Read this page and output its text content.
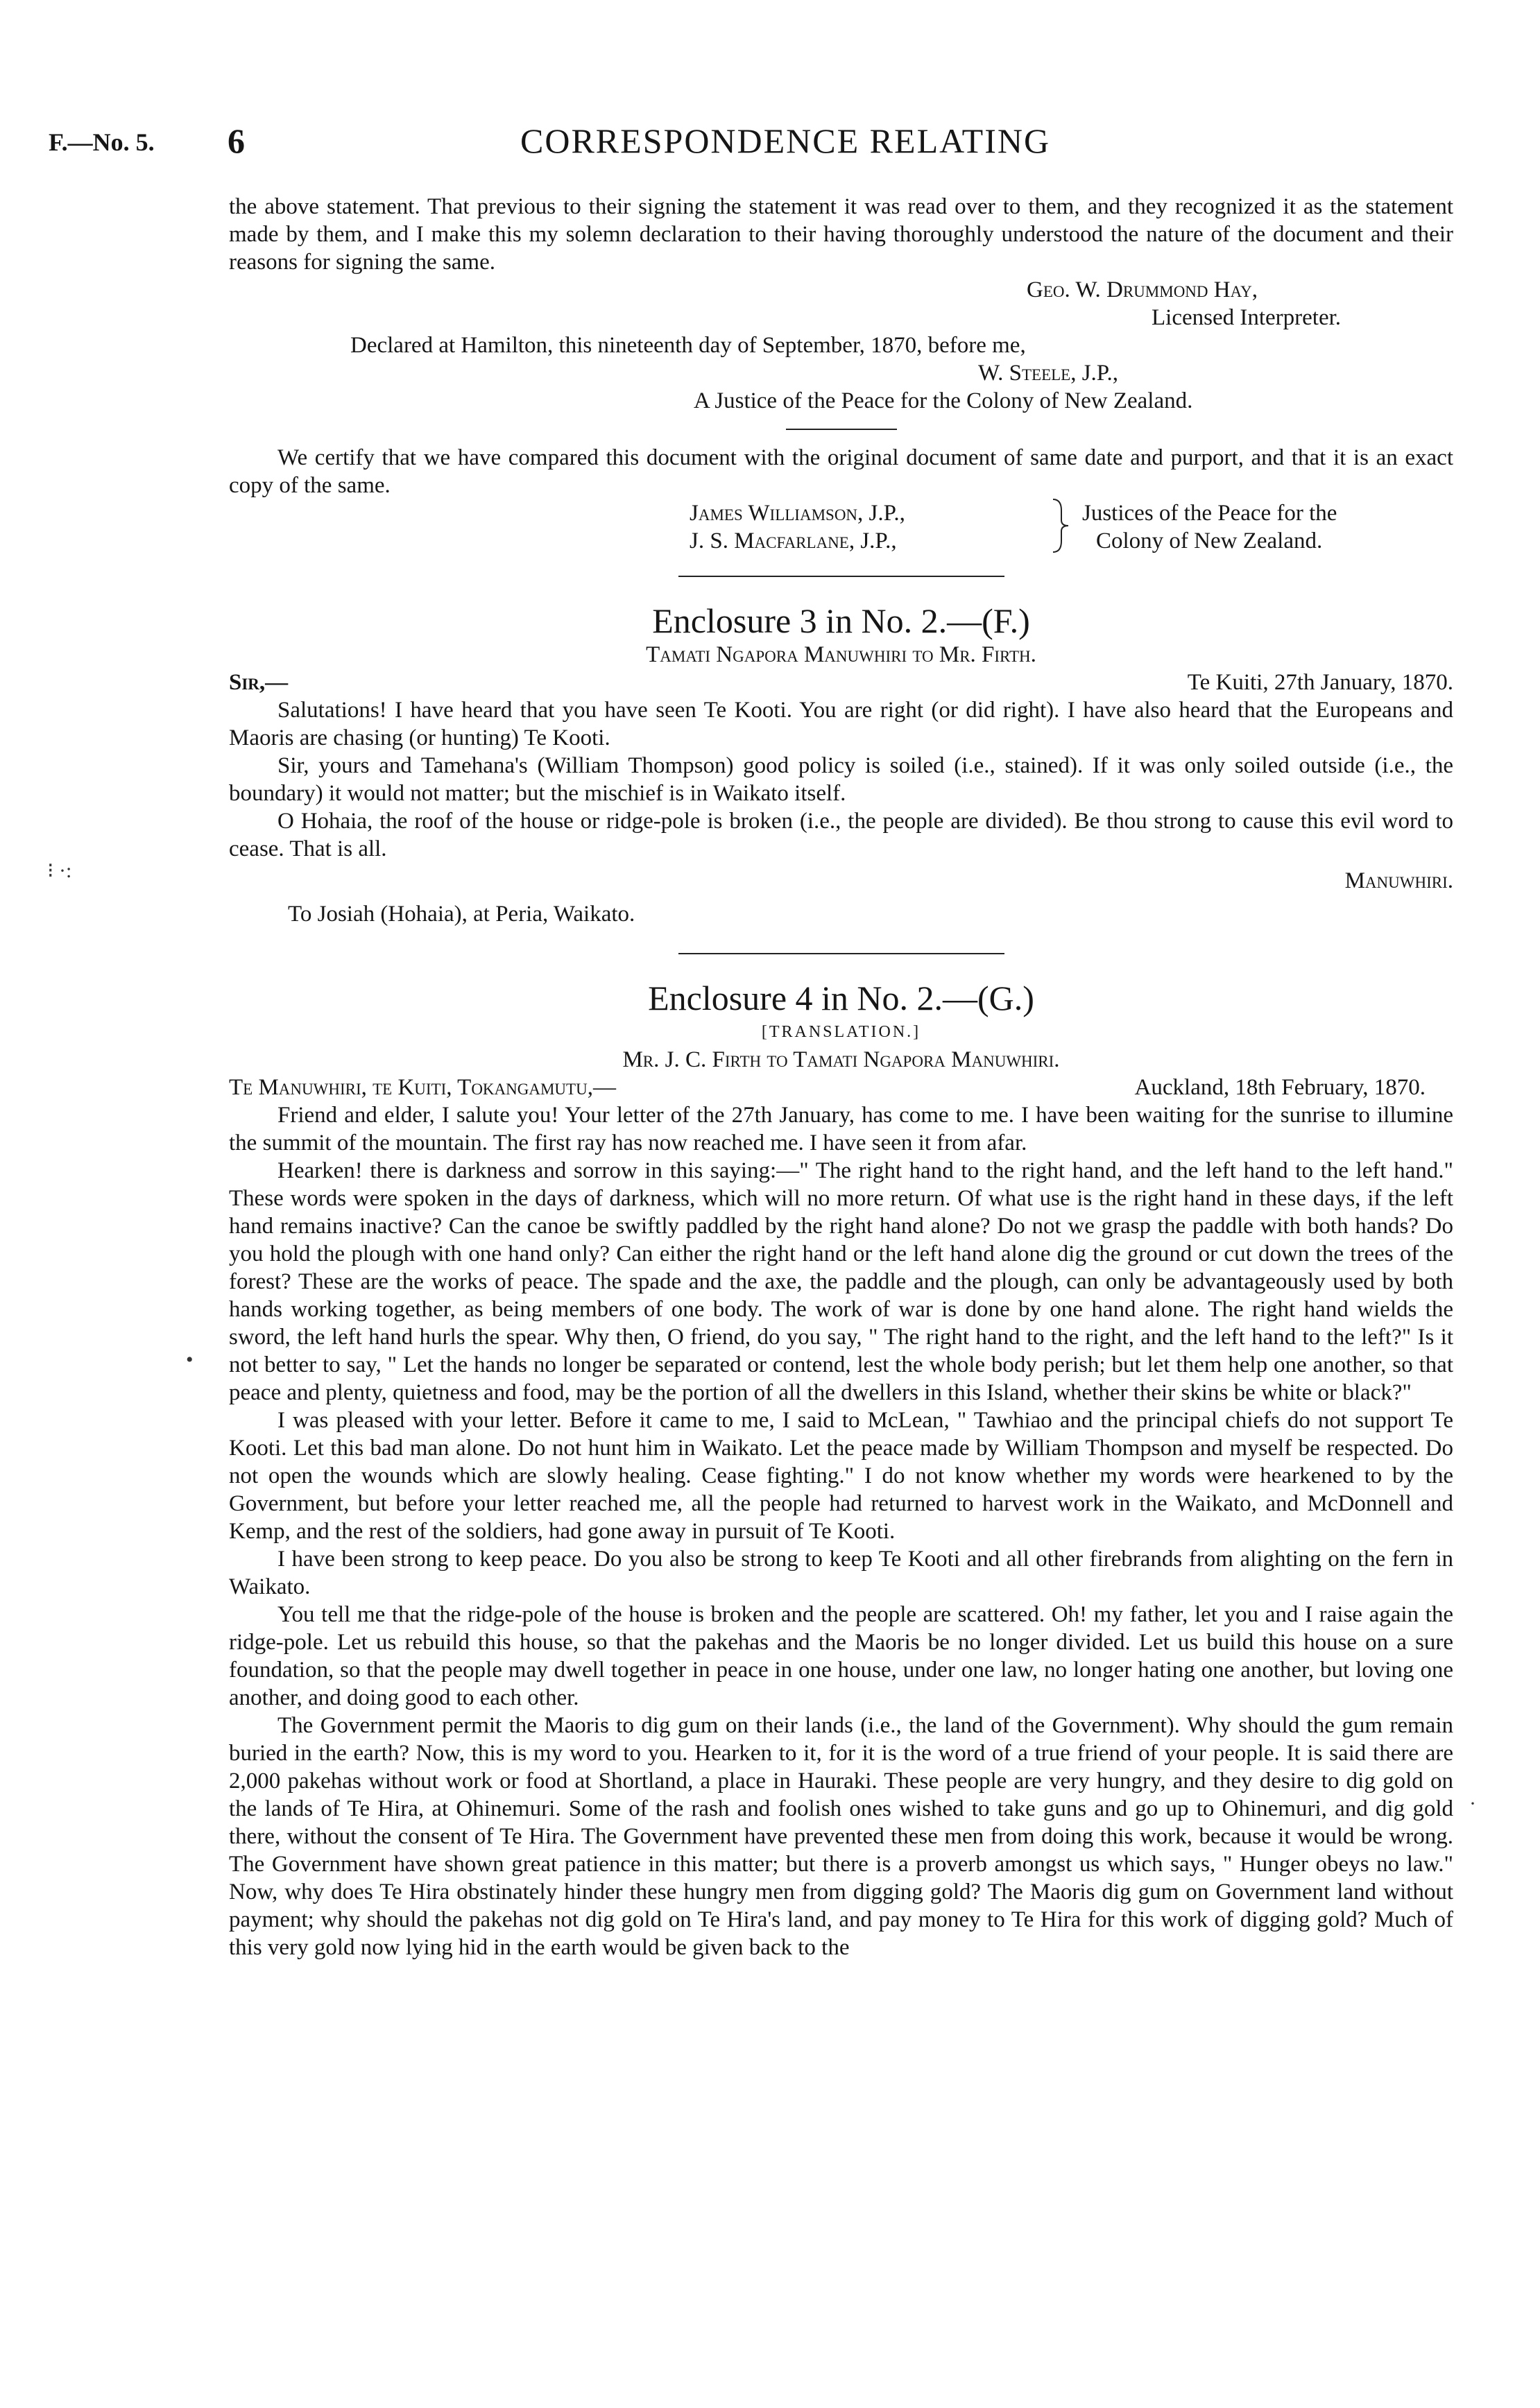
F.—No. 5. 6	CORRESPONDENCE RELATING
⁝ ·:
•
·

the above statement. That previous to their signing the statement it was read over to them, and they recognized it as the statement made by them, and I make this my solemn declaration to their having thoroughly understood the nature of the document and their reasons for signing the same.

Geo. W. Drummond Hay,

Licensed Interpreter.

Declared at Hamilton, this nineteenth day of September, 1870, before me,

W. Steele, J.P.,

A Justice of the Peace for the Colony of New Zealand.

We certify that we have compared this document with the original document of same date and purport, and that it is an exact copy of the same.

James Williamson, J.P.,
J. S. Macfarlane, J.P.,
Justices of the Peace for the
Colony of New Zealand.

Enclosure 3 in No. 2.—(F.)

Tamati Ngapora Manuwhiri to Mr. Firth.

Sir,—	Te Kuiti, 27th January, 1870.

Salutations! I have heard that you have seen Te Kooti. You are right (or did right). I have also heard that the Europeans and Maoris are chasing (or hunting) Te Kooti.

Sir, yours and Tamehana's (William Thompson) good policy is soiled (i.e., stained). If it was only soiled outside (i.e., the boundary) it would not matter; but the mischief is in Waikato itself.

O Hohaia, the roof of the house or ridge-pole is broken (i.e., the people are divided). Be thou strong to cause this evil word to cease. That is all.

Manuwhiri.

To Josiah (Hohaia), at Peria, Waikato.

Enclosure 4 in No. 2.—(G.)

[TRANSLATION.]

Mr. J. C. Firth to Tamati Ngapora Manuwhiri.

Te Manuwhiri, te Kuiti, Tokangamutu,—	Auckland, 18th February, 1870.

Friend and elder, I salute you! Your letter of the 27th January, has come to me. I have been waiting for the sunrise to illumine the summit of the mountain. The first ray has now reached me. I have seen it from afar.

Hearken! there is darkness and sorrow in this saying:—" The right hand to the right hand, and the left hand to the left hand." These words were spoken in the days of darkness, which will no more return. Of what use is the right hand in these days, if the left hand remains inactive? Can the canoe be swiftly paddled by the right hand alone? Do not we grasp the paddle with both hands? Do you hold the plough with one hand only? Can either the right hand or the left hand alone dig the ground or cut down the trees of the forest? These are the works of peace. The spade and the axe, the paddle and the plough, can only be advantageously used by both hands working together, as being members of one body. The work of war is done by one hand alone. The right hand wields the sword, the left hand hurls the spear. Why then, O friend, do you say, " The right hand to the right, and the left hand to the left?" Is it not better to say, " Let the hands no longer be separated or contend, lest the whole body perish; but let them help one another, so that peace and plenty, quietness and food, may be the portion of all the dwellers in this Island, whether their skins be white or black?"

I was pleased with your letter. Before it came to me, I said to McLean, " Tawhiao and the principal chiefs do not support Te Kooti. Let this bad man alone. Do not hunt him in Waikato. Let the peace made by William Thompson and myself be respected. Do not open the wounds which are slowly healing. Cease fighting." I do not know whether my words were hearkened to by the Government, but before your letter reached me, all the people had returned to harvest work in the Waikato, and McDonnell and Kemp, and the rest of the soldiers, had gone away in pursuit of Te Kooti.

I have been strong to keep peace. Do you also be strong to keep Te Kooti and all other firebrands from alighting on the fern in Waikato.

You tell me that the ridge-pole of the house is broken and the people are scattered. Oh! my father, let you and I raise again the ridge-pole. Let us rebuild this house, so that the pakehas and the Maoris be no longer divided. Let us build this house on a sure foundation, so that the people may dwell together in peace in one house, under one law, no longer hating one another, but loving one another, and doing good to each other.

The Government permit the Maoris to dig gum on their lands (i.e., the land of the Government). Why should the gum remain buried in the earth? Now, this is my word to you. Hearken to it, for it is the word of a true friend of your people. It is said there are 2,000 pakehas without work or food at Shortland, a place in Hauraki. These people are very hungry, and they desire to dig gold on the lands of Te Hira, at Ohinemuri. Some of the rash and foolish ones wished to take guns and go up to Ohinemuri, and dig gold there, without the consent of Te Hira. The Government have prevented these men from doing this work, because it would be wrong. The Government have shown great patience in this matter; but there is a proverb amongst us which says, " Hunger obeys no law." Now, why does Te Hira obstinately hinder these hungry men from digging gold? The Maoris dig gum on Government land without payment; why should the pakehas not dig gold on Te Hira's land, and pay money to Te Hira for this work of digging gold? Much of this very gold now lying hid in the earth would be given back to the
